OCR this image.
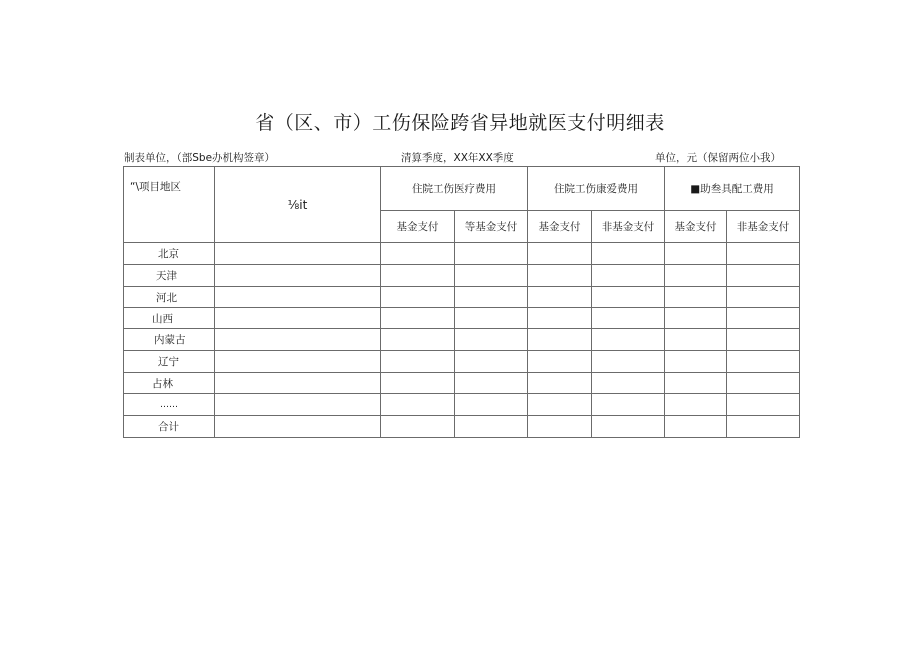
省（区、市）工伤保险跨省异地就医支付明细表
制表单位，（部Sbe办机构签章）	清算季度，XX年XX季度	单位，元（保留两位小我）
“\项目地区	⅛it	住院工伤医疗费用		住院工伤康爱费用		■助叁具配工费用	
		基金支付	等基金支付	基金支付	非基金支付	基金支付	非基金支付
北京							
天津							
河北							
山西							
内蒙古							
辽宁							
占林							
……							
合计							
